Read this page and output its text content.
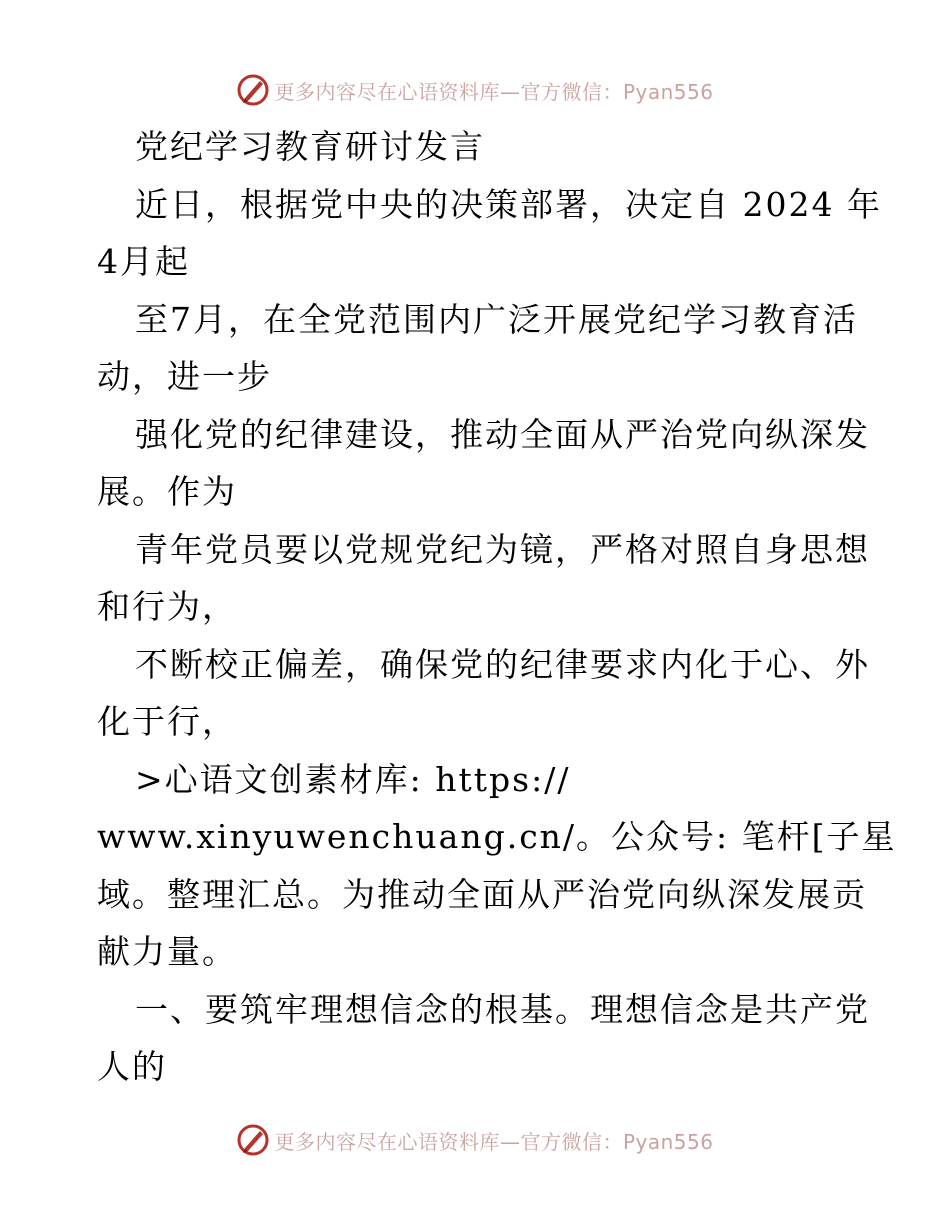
更多内容尽在心语资料库—官方微信：Pyan556
党纪学习教育研讨发言
近日，根据党中央的决策部署，决定自 2024 年
4月起
至7月，在全党范围内广泛开展党纪学习教育活
动，进一步
强化党的纪律建设，推动全面从严治党向纵深发
展。作为
青年党员要以党规党纪为镜，严格对照自身思想
和行为，
不断校正偏差，确保党的纪律要求内化于心、外
化于行，
>心语文创素材库: https://
www.xinyuwenchuang.cn/。公众号: 笔杆[子星
域。整理汇总。为推动全面从严治党向纵深发展贡
献力量。
一、要筑牢理想信念的根基。理想信念是共产党
人的
更多内容尽在心语资料库—官方微信：Pyan556
